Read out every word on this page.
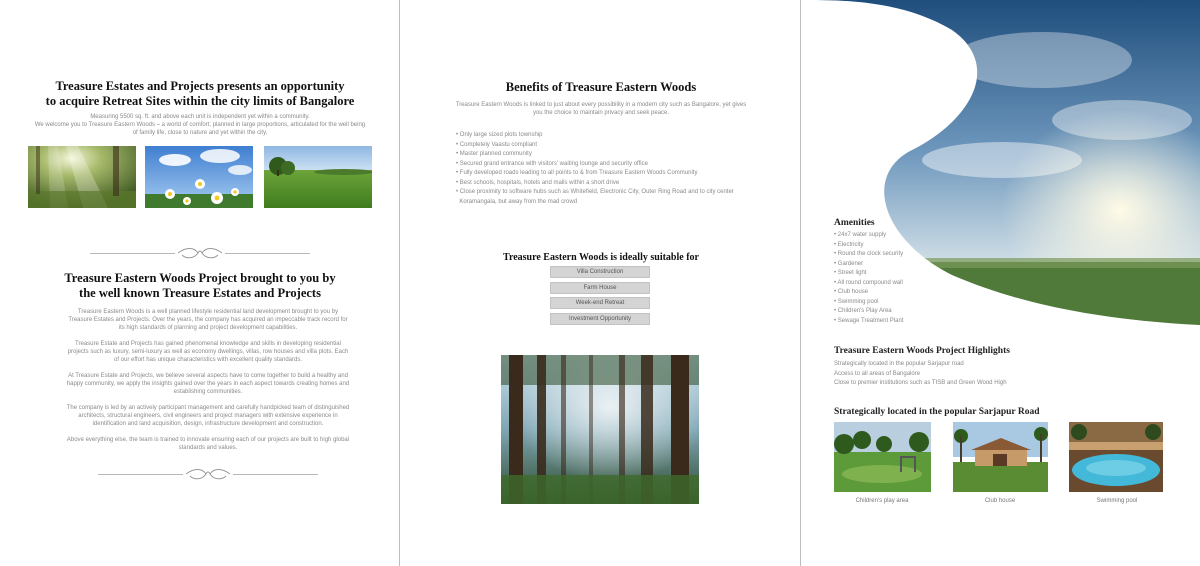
Treasure Estates and Projects presents an opportunity
to acquire Retreat Sites within the city limits of Bangalore
Measuring 5500 sq. ft. and above each unit is independent yet within a community.
We welcome you to Treasure Eastern Woods – a world of comfort, planned in large proportions, articulated for the well being
of family life, close to nature and yet within the city.
Treasure Eastern Woods Project brought to you by
the well known Treasure Estates and Projects

Treasure Eastern Woods is a well planned lifestyle residential land development brought to you by Treasure Estates and Projects. Over the years, the company has acquired an impeccable track record for its high standards of planning and project development capabilities.

Treasure Estate and Projects has gained phenomenal knowledge and skills in developing residential projects such as luxury, semi-luxury as well as economy dwellings, villas, row houses and villa plots. Each of our effort has unique characteristics with excellent quality standards.

At Treasure Estate and Projects, we believe several aspects have to come together to build a healthy and happy community, we apply the insights gained over the years in each aspect towards creating homes and establishing communities.

The company is led by an actively participant management and carefully handpicked team of distinguished architects, structural engineers, civil engineers and project managers with extensive experience in identification and land acquisition, design, infrastructure development and construction.

Above everything else, the team is trained to innovate ensuring each of our projects are built to high global standards and values.

Benefits of Treasure Eastern Woods
Treasure Eastern Woods is linked to just about every possibility in a modern city such as Bangalore, yet gives
you the choice to maintain privacy and seek peace.
• Only large sized plots township
• Completely Vaastu compliant
• Master planned community
• Secured grand entrance with visitors' waiting lounge and security office
• Fully developed roads leading to all points to & from Treasure Eastern Woods Community
• Best schools, hospitals, hotels and malls within a short drive
• Close proximity to software hubs such as Whitefield, Electronic City, Outer Ring Road and to city center
Koramangala, but away from the mad crowd
Treasure Eastern Woods is ideally suitable for
Villa Construction
Farm House
Week-end Retreat
Investment Opportunity
Amenities
• 24x7 water supply
• Electricity
• Round the clock security
• Gardener
• Street light
• All round compound wall
• Club house
• Swimming pool
• Children's Play Area
• Sewage Treatment Plant
Treasure Eastern Woods Project Highlights
Strategically located in the popular Sarjapur road
Access to all areas of Bangalore
Close to premier institutions such as TISB and Green Wood High
Strategically located in the popular Sarjapur Road
Children's play area	Club house	Swimming pool
